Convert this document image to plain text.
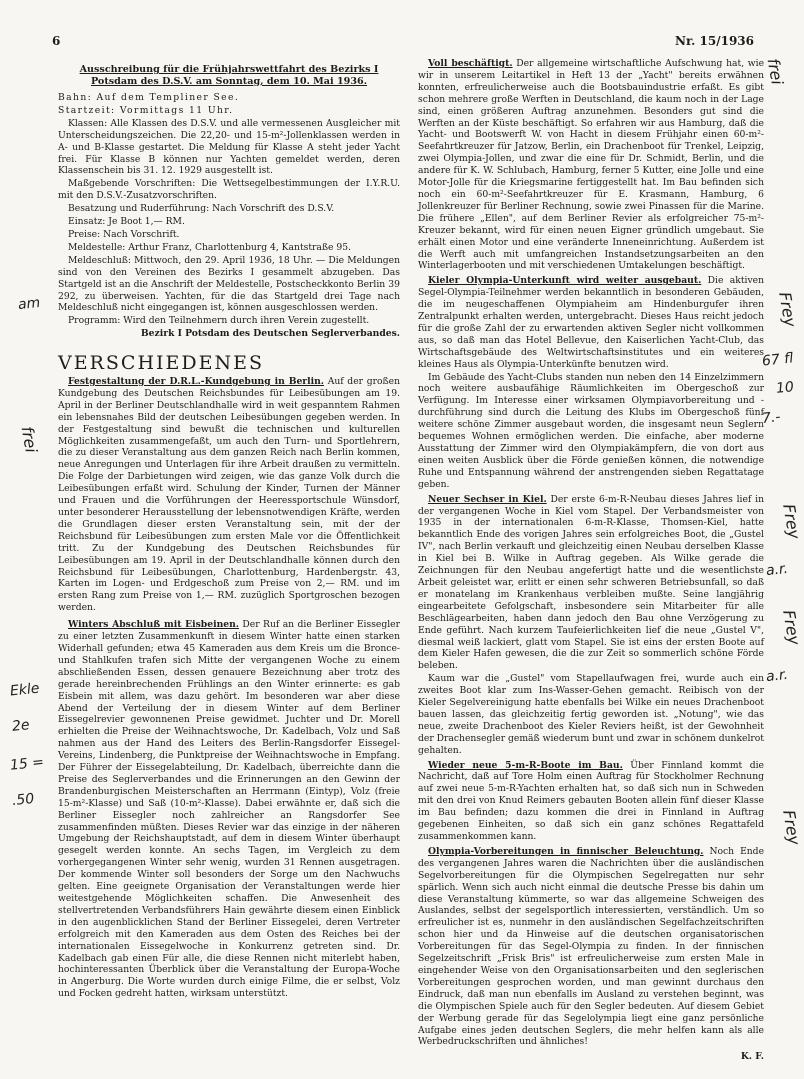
6	Nr. 15/1936
Ausschreibung für die Frühjahrswettfahrt des Bezirks I Potsdam des D.S.V. am Sonntag, dem 10. Mai 1936.

Bahn: Auf dem Templiner See.

Startzeit: Vormittags 11 Uhr.

Klassen: Alle Klassen des D.S.V. und alle vermessenen Ausgleicher mit Unterscheidungszeichen. Die 22,20- und 15-m²-Jollenklassen werden in A- und B-Klasse gestartet. Die Meldung für Klasse A steht jeder Yacht frei. Für Klasse B können nur Yachten gemeldet werden, deren Klassenschein bis 31. 12. 1929 ausgestellt ist.

Maßgebende Vorschriften: Die Wettsegelbestimmungen der I.Y.R.U. mit den D.S.V.-Zusatzvorschriften.

Besatzung und Ruderführung: Nach Vorschrift des D.S.V.

Einsatz: Je Boot 1,— RM.

Preise: Nach Vorschrift.

Meldestelle: Arthur Franz, Charlottenburg 4, Kantstraße 95.

Meldeschluß: Mittwoch, den 29. April 1936, 18 Uhr. — Die Meldungen sind von den Vereinen des Bezirks I gesammelt abzugeben. Das Startgeld ist an die Anschrift der Meldestelle, Postscheckkonto Berlin 39 292, zu überweisen. Yachten, für die das Startgeld drei Tage nach Meldeschluß nicht eingegangen ist, können ausgeschlossen werden.

Programm: Wird den Teilnehmern durch ihren Verein zugestellt.

Bezirk I Potsdam des Deutschen Seglerverbandes.
VERSCHIEDENES

Festgestaltung der D.R.L.-Kundgebung in Berlin. Auf der großen Kundgebung des Deutschen Reichsbundes für Leibesübungen am 19. April in der Berliner Deutschlandhalle wird in weit gespanntem Rahmen ein lebensnahes Bild der deutschen Leibesübungen gegeben werden. In der Festgestaltung sind bewußt die technischen und kulturellen Möglichkeiten zusammengefaßt, um auch den Turn- und Sportlehrern, die zu dieser Veranstaltung aus dem ganzen Reich nach Berlin kommen, neue Anregungen und Unterlagen für ihre Arbeit draußen zu vermitteln. Die Folge der Darbietungen wird zeigen, wie das ganze Volk durch die Leibesübungen erfaßt wird. Schulung der Kinder, Turnen der Männer und Frauen und die Vorführungen der Heeressportschule Wünsdorf, unter besonderer Herausstellung der lebensnotwendigen Kräfte, werden die Grundlagen dieser ersten Veranstaltung sein, mit der der Reichsbund für Leibesübungen zum ersten Male vor die Öffentlichkeit tritt. Zu der Kundgebung des Deutschen Reichsbundes für Leibesübungen am 19. April in der Deutschlandhalle können durch den Reichsbund für Leibesübungen, Charlottenburg, Hardenbergstr. 43, Karten im Logen- und Erdgeschoß zum Preise von 2,— RM. und im ersten Rang zum Preise von 1,— RM. zuzüglich Sportgroschen bezogen werden.

Winters Abschluß mit Eisbeinen. Der Ruf an die Berliner Eissegler zu einer letzten Zusammenkunft in diesem Winter hatte einen starken Widerhall gefunden; etwa 45 Kameraden aus dem Kreis um die Bronce- und Stahlkufen trafen sich Mitte der vergangenen Woche zu einem abschließenden Essen, dessen genauere Bezeichnung aber trotz des gerade hereinbrechenden Frühlings an den Winter erinnerte: es gab Eisbein mit allem, was dazu gehört. Im besonderen war aber diese Abend der Verteilung der in diesem Winter auf dem Berliner Eissegelrevier gewonnenen Preise gewidmet. Juchter und Dr. Morell erhielten die Preise der Weihnachtswoche, Dr. Kadelbach, Volz und Saß nahmen aus der Hand des Leiters des Berlin-Rangsdorfer Eissegel-Vereins, Lindenberg, die Punktpreise der Weihnachtswoche in Empfang. Der Führer der Eissegelabteilung, Dr. Kadelbach, überreichte dann die Preise des Seglerverbandes und die Erinnerungen an den Gewinn der Brandenburgischen Meisterschaften an Herrmann (Eintyp), Volz (freie 15-m²-Klasse) und Saß (10-m²-Klasse). Dabei erwähnte er, daß sich die Berliner Eissegler noch zahlreicher an Rangsdorfer See zusammenfinden müßten. Dieses Revier war das einzige in der näheren Umgebung der Reichshauptstadt, auf dem in diesem Winter überhaupt gesegelt werden konnte. An sechs Tagen, im Vergleich zu dem vorhergegangenen Winter sehr wenig, wurden 31 Rennen ausgetragen. Der kommende Winter soll besonders der Sorge um den Nachwuchs gelten. Eine geeignete Organisation der Veranstaltungen werde hier weitestgehende Möglichkeiten schaffen. Die Anwesenheit des stellvertretenden Verbandsführers Hain gewährte diesem einen Einblick in den augenblicklichen Stand der Berliner Eissegelei, deren Vertreter erfolgreich mit den Kameraden aus dem Osten des Reiches bei der internationalen Eissegelwoche in Konkurrenz getreten sind. Dr. Kadelbach gab einen Für alle, die diese Rennen nicht miterlebt haben, hochinteressanten Überblick über die Veranstaltung der Europa-Woche in Angerburg. Die Worte wurden durch einige Filme, die er selbst, Volz und Focken gedreht hatten, wirksam unterstützt.

Voll beschäftigt. Der allgemeine wirtschaftliche Aufschwung hat, wie wir in unserem Leitartikel in Heft 13 der „Yacht" bereits erwähnen konnten, erfreulicherweise auch die Bootsbauindustrie erfaßt. Es gibt schon mehrere große Werften in Deutschland, die kaum noch in der Lage sind, einen größeren Auftrag anzunehmen. Besonders gut sind die Werften an der Küste beschäftigt. So erfahren wir aus Hamburg, daß die Yacht- und Bootswerft W. von Hacht in diesem Frühjahr einen 60-m²-Seefahrtkreuzer für Jatzow, Berlin, ein Drachenboot für Trenkel, Leipzig, zwei Olympia-Jollen, und zwar die eine für Dr. Schmidt, Berlin, und die andere für K. W. Schlubach, Hamburg, ferner 5 Kutter, eine Jolle und eine Motor-Jolle für die Kriegsmarine fertiggestellt hat. Im Bau befinden sich noch ein 60-m²-Seefahrtkreuzer für E. Krasmann, Hamburg, 6 Jollenkreuzer für Berliner Rechnung, sowie zwei Pinassen für die Marine. Die frühere „Ellen", auf dem Berliner Revier als erfolgreicher 75-m²-Kreuzer bekannt, wird für einen neuen Eigner gründlich umgebaut. Sie erhält einen Motor und eine veränderte Inneneinrichtung. Außerdem ist die Werft auch mit umfangreichen Instandsetzungsarbeiten an den Winterlagerbooten und mit verschiedenen Umtakelungen beschäftigt.

Kieler Olympia-Unterkunft wird weiter ausgebaut. Die aktiven Segel-Olympia-Teilnehmer werden bekanntlich in besonderen Gebäuden, die im neugeschaffenen Olympiaheim am Hindenburgufer ihren Zentralpunkt erhalten werden, untergebracht. Dieses Haus reicht jedoch für die große Zahl der zu erwartenden aktiven Segler nicht vollkommen aus, so daß man das Hotel Bellevue, den Kaiserlichen Yacht-Club, das Wirtschaftsgebäude des Weltwirtschaftsinstitutes und ein weiteres kleines Haus als Olympia-Unterkünfte benutzen wird.

Im Gebäude des Yacht-Clubs standen nun neben den 14 Einzelzimmern noch weitere ausbaufähige Räumlichkeiten im Obergeschoß zur Verfügung. Im Interesse einer wirksamen Olympiavorbereitung und -durchführung sind durch die Leitung des Klubs im Obergeschoß fünf weitere schöne Zimmer ausgebaut worden, die insgesamt neun Seglern bequemes Wohnen ermöglichen werden. Die einfache, aber moderne Ausstattung der Zimmer wird den Olympiakämpfern, die von dort aus einen weiten Ausblick über die Förde genießen können, die notwendige Ruhe und Entspannung während der anstrengenden sieben Regattatage geben.

Neuer Sechser in Kiel. Der erste 6-m-R-Neubau dieses Jahres lief in der vergangenen Woche in Kiel vom Stapel. Der Verbandsmeister von 1935 in der internationalen 6-m-R-Klasse, Thomsen-Kiel, hatte bekanntlich Ende des vorigen Jahres sein erfolgreiches Boot, die „Gustel IV", nach Berlin verkauft und gleichzeitig einen Neubau derselben Klasse in Kiel bei B. Wilke in Auftrag gegeben. Als Wilke gerade die Zeichnungen für den Neubau angefertigt hatte und die wesentlichste Arbeit geleistet war, erlitt er einen sehr schweren Betriebsunfall, so daß er monatelang im Krankenhaus verbleiben mußte. Seine langjährig eingearbeitete Gefolgschaft, insbesondere sein Mitarbeiter für alle Beschlägearbeiten, haben dann jedoch den Bau ohne Verzögerung zu Ende geführt. Nach kurzem Taufeierlichkeiten lief die neue „Gustel V", diesmal weiß lackiert, glatt vom Stapel. Sie ist eins der ersten Boote auf dem Kieler Hafen gewesen, die die zur Zeit so sommerlich schöne Förde beleben.

Kaum war die „Gustel" vom Stapellaufwagen frei, wurde auch ein zweites Boot klar zum Ins-Wasser-Gehen gemacht. Reibisch von der Kieler Segelvereinigung hatte ebenfalls bei Wilke ein neues Drachenboot bauen lassen, das gleichzeitig fertig geworden ist. „Notung", wie das neue, zweite Drachenboot des Kieler Reviers heißt, ist der Gewohnheit der Drachensegler gemäß wiederum bunt und zwar in schönem dunkelrot gehalten.

Wieder neue 5-m-R-Boote im Bau. Über Finnland kommt die Nachricht, daß auf Tore Holm einen Auftrag für Stockholmer Rechnung auf zwei neue 5-m-R-Yachten erhalten hat, so daß sich nun in Schweden mit den drei von Knud Reimers gebauten Booten allein fünf dieser Klasse im Bau befinden; dazu kommen die drei in Finnland in Auftrag gegebenen Einheiten, so daß sich ein ganz schönes Regattafeld zusammenkommen kann.

Olympia-Vorbereitungen in finnischer Beleuchtung. Noch Ende des vergangenen Jahres waren die Nachrichten über die ausländischen Segelvorbereitungen für die Olympischen Segelregatten nur sehr spärlich. Wenn sich auch nicht einmal die deutsche Presse bis dahin um diese Veranstaltung kümmerte, so war das allgemeine Schweigen des Auslandes, selbst der segelsportlich interessierten, verständlich. Um so erfreulicher ist es, nunmehr in den ausländischen Segelfachzeitschriften schon hier und da Hinweise auf die deutschen organisatorischen Vorbereitungen für das Segel-Olympia zu finden. In der finnischen Segelzeitschrift „Frisk Bris" ist erfreulicherweise zum ersten Male in eingehender Weise von den Organisationsarbeiten und den seglerischen Vorbereitungen gesprochen worden, und man gewinnt durchaus den Eindruck, daß man nun ebenfalls im Ausland zu verstehen beginnt, was die Olympischen Spiele auch für den Segler bedeuten. Auf diesem Gebiet der Werbung gerade für das Segelolympia liegt eine ganz persönliche Aufgabe eines jeden deutschen Seglers, die mehr helfen kann als alle Werbedruckschriften und ähnliches!

K. F.
frei
am
frei
Frey
67 fl
10
7.-
Frey
a.r.
Frey
a.r.
Frey
Ekle
2e
15 =
.50
